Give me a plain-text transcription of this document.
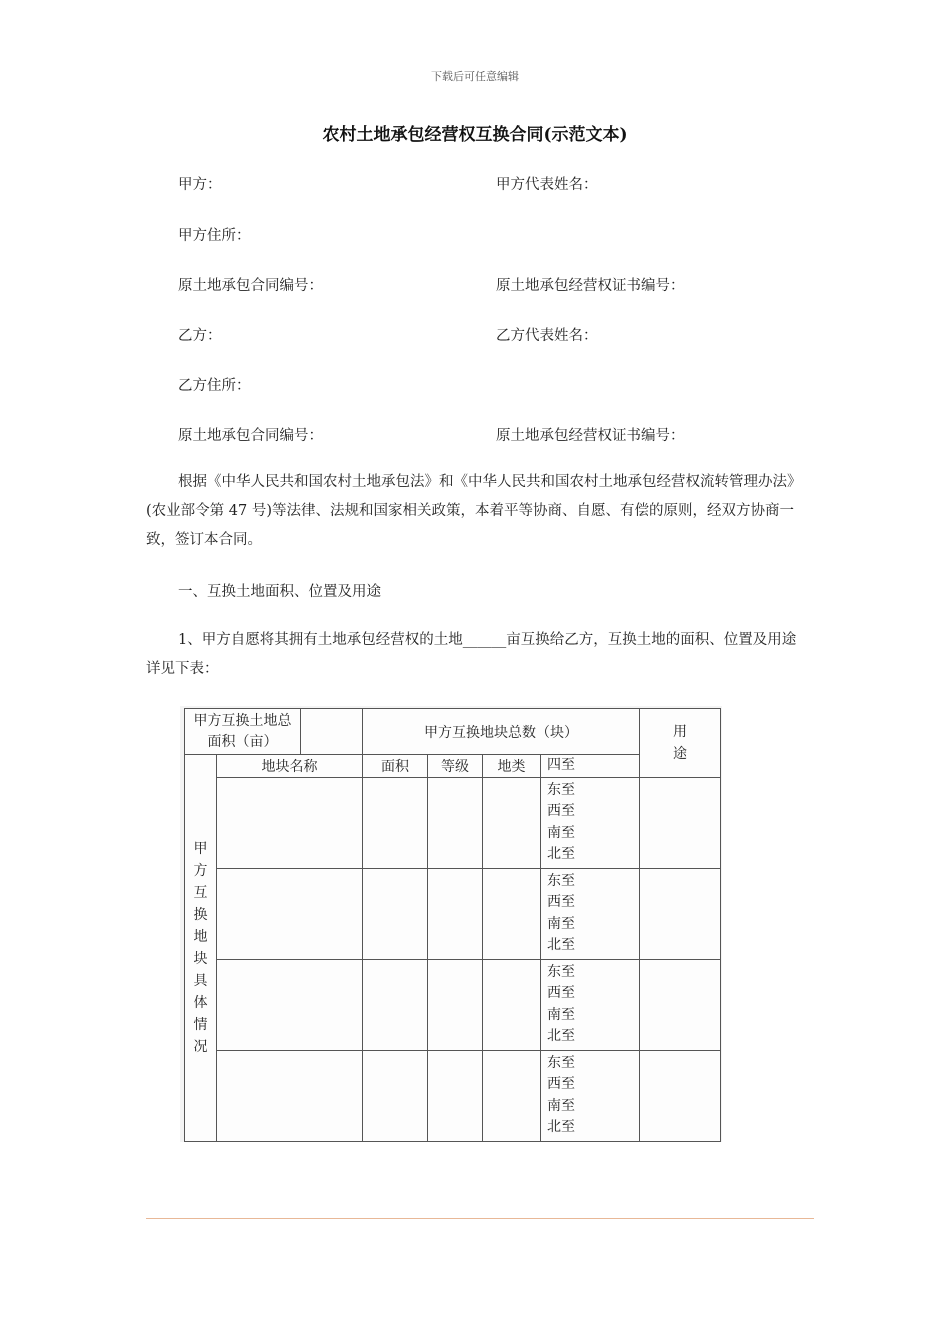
下载后可任意编辑
农村土地承包经营权互换合同(示范文本)
甲方：	甲方代表姓名：
甲方住所：
原土地承包合同编号：	原土地承包经营权证书编号：
乙方：	乙方代表姓名：
乙方住所：
原土地承包合同编号：	原土地承包经营权证书编号：
根据《中华人民共和国农村土地承包法》和《中华人民共和国农村土地承包经营权流转管理办法》(农业部令第 47 号)等法律、法规和国家相关政策，本着平等协商、自愿、有偿的原则，经双方协商一致，签订本合同。
一、互换土地面积、位置及用途
1、甲方自愿将其拥有土地承包经营权的土地______亩互换给乙方，互换土地的面积、位置及用途详见下表：
甲方互换土地总面积（亩）			甲方互换地块总数（块）				用途
甲方互换地块具体情况	地块名称		面积	等级	地类	四至	

						东至
西至
南至
北至	

						东至
西至
南至
北至	

						东至
西至
南至
北至	

						东至
西至
南至
北至	
